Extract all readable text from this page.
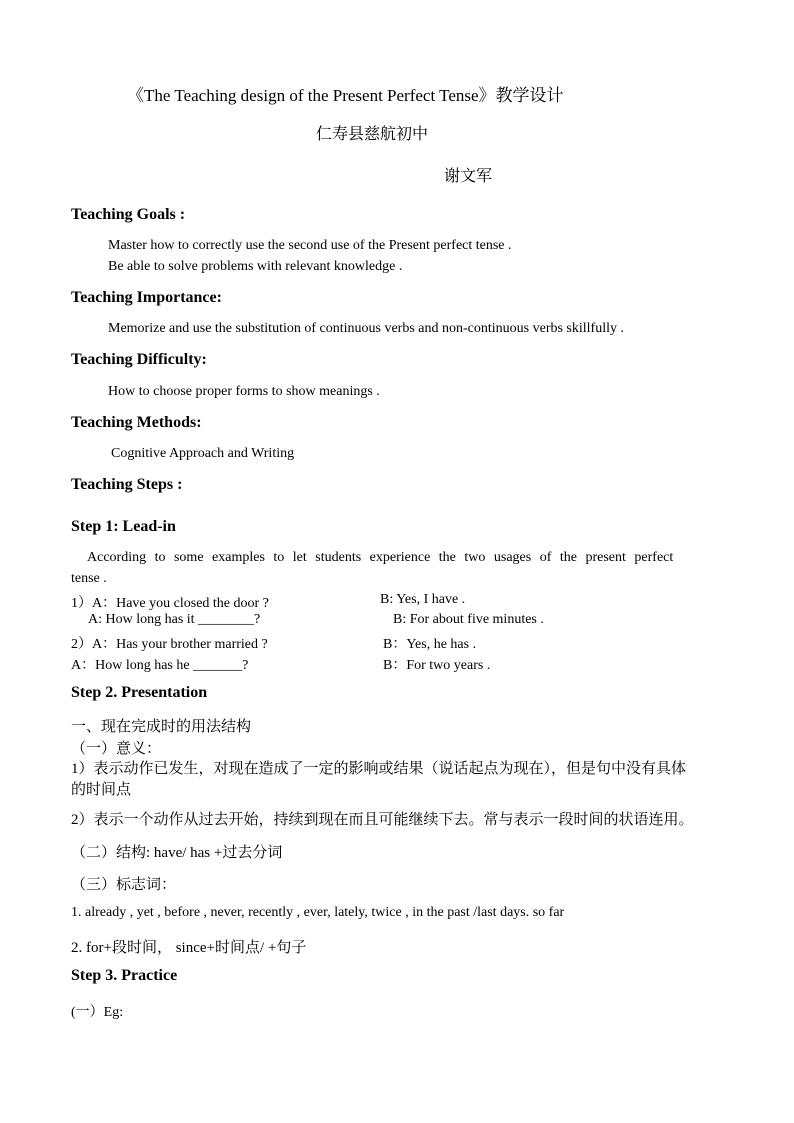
《The Teaching design of the Present Perfect Tense》教学设计
仁寿县慈航初中
谢文军
Teaching Goals :
Master how to correctly use the second use of the Present perfect tense .
Be able to solve problems with relevant knowledge .
Teaching Importance:
Memorize and use the substitution of continuous verbs and non-continuous verbs skillfully .
Teaching Difficulty:
How to choose proper forms to show meanings .
Teaching Methods:
Cognitive Approach and Writing
Teaching Steps :
Step 1: Lead-in
According to some examples to let students experience the two usages of the present perfect
tense .
1）A：Have you closed the door ?	B: Yes, I have .
A: How long has it ________?	B: For about five minutes .
2）A：Has your brother married ?	B：Yes, he has .
A：How long has he _______?	B：For two years .
Step 2. Presentation
一、现在完成时的用法结构
（一）意义：
1）表示动作已发生，对现在造成了一定的影响或结果（说话起点为现在），但是句中没有具体
的时间点
2）表示一个动作从过去开始，持续到现在而且可能继续下去。常与表示一段时间的状语连用。
（二）结构: have/ has +过去分词
（三）标志词：
1. already , yet , before , never, recently , ever, lately, twice , in the past /last days. so far
2. for+段时间， since+时间点/ +句子
Step 3. Practice
(一）Eg:
